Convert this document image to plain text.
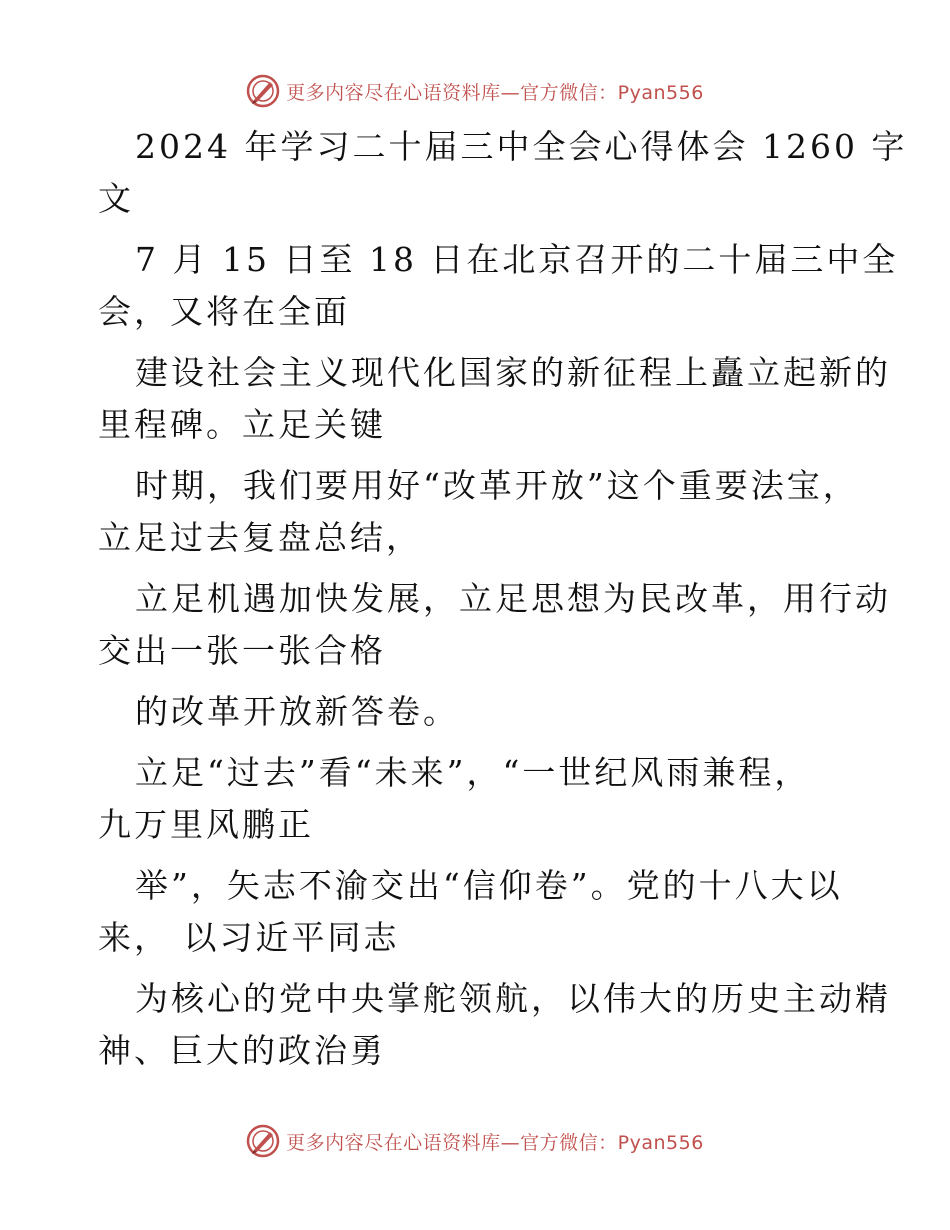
更多内容尽在心语资料库—官方微信：Pyan556
2024 年学习二十届三中全会心得体会 1260 字
文
7 月 15 日至 18 日在北京召开的二十届三中全
会，又将在全面
建设社会主义现代化国家的新征程上矗立起新的
里程碑。立足关键
时期，我们要用好“改革开放”这个重要法宝，
立足过去复盘总结，
立足机遇加快发展，立足思想为民改革，用行动
交出一张一张合格
的改革开放新答卷。
立足“过去”看“未来”，“一世纪风雨兼程，
九万里风鹏正
举”，矢志不渝交出“信仰卷”。党的十八大以
来， 以习近平同志
为核心的党中央掌舵领航，以伟大的历史主动精
神、巨大的政治勇
更多内容尽在心语资料库—官方微信：Pyan556
